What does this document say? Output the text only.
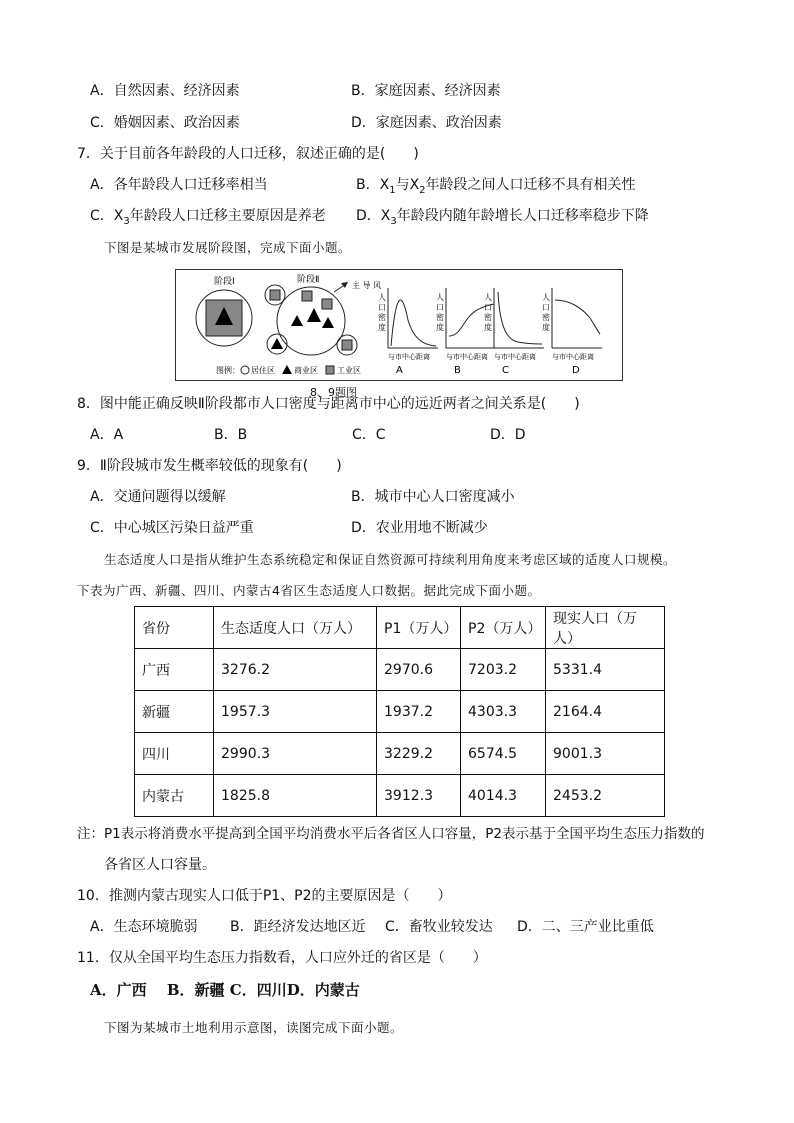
A．自然因素、经济因素	B．家庭因素、经济因素
C．婚姻因素、政治因素	D．家庭因素、政治因素
7．关于目前各年龄段的人口迁移，叙述正确的是(　　)
A．各年龄段人口迁移率相当	B．$X_1$与$X_2$年龄段之间人口迁移不具有相关性
C．$X_3$年龄段人口迁移主要原因是养老 D．$X_3$年龄段内随年龄增长人口迁移率稳步下降
下图是某城市发展阶段图，完成下面小题。
阶段Ⅰ	阶段Ⅱ
主 导 风
图例： 居住区 商业区 工业区
人
口
密
度
与市中心距离
A
人
口
密
度
与市中心距离
B
人
口
密
度
与市中心距离
C
人
口
密
度
与市中心距离
D
8、9题图
8．图中能正确反映Ⅱ阶段都市人口密度与距离市中心的远近两者之间关系是(　　)
A．A	B．B	C．C	D．D
9．Ⅱ阶段城市发生概率较低的现象有(　　)
A．交通问题得以缓解	B．城市中心人口密度减小
C．中心城区污染日益严重	D．农业用地不断减少
生态适度人口是指从维护生态系统稳定和保证自然资源可持续利用角度来考虑区域的适度人口规模。
下表为广西、新疆、四川、内蒙古4省区生态适度人口数据。据此完成下面小题。
省份	生态适度人口（万人）	P1（万人）	P2（万人）	现实人口（万人）
广西	3276.2	2970.6	7203.2	5331.4
新疆	1957.3	1937.2	4303.3	2164.4
四川	2990.3	3229.2	6574.5	9001.3
内蒙古	1825.8	3912.3	4014.3	2453.2
注：P1表示将消费水平提高到全国平均消费水平后各省区人口容量，P2表示基于全国平均生态压力指数的
各省区人口容量。
10．推测内蒙古现实人口低于P1、P2的主要原因是（　　）
A．生态环境脆弱 B．距经济发达地区近 C．畜牧业较发达 D．二、三产业比重低
11．仅从全国平均生态压力指数看，人口应外迁的省区是（　　）
A．广西　 B．新疆 C．四川D．内蒙古
下图为某城市土地利用示意图，读图完成下面小题。
